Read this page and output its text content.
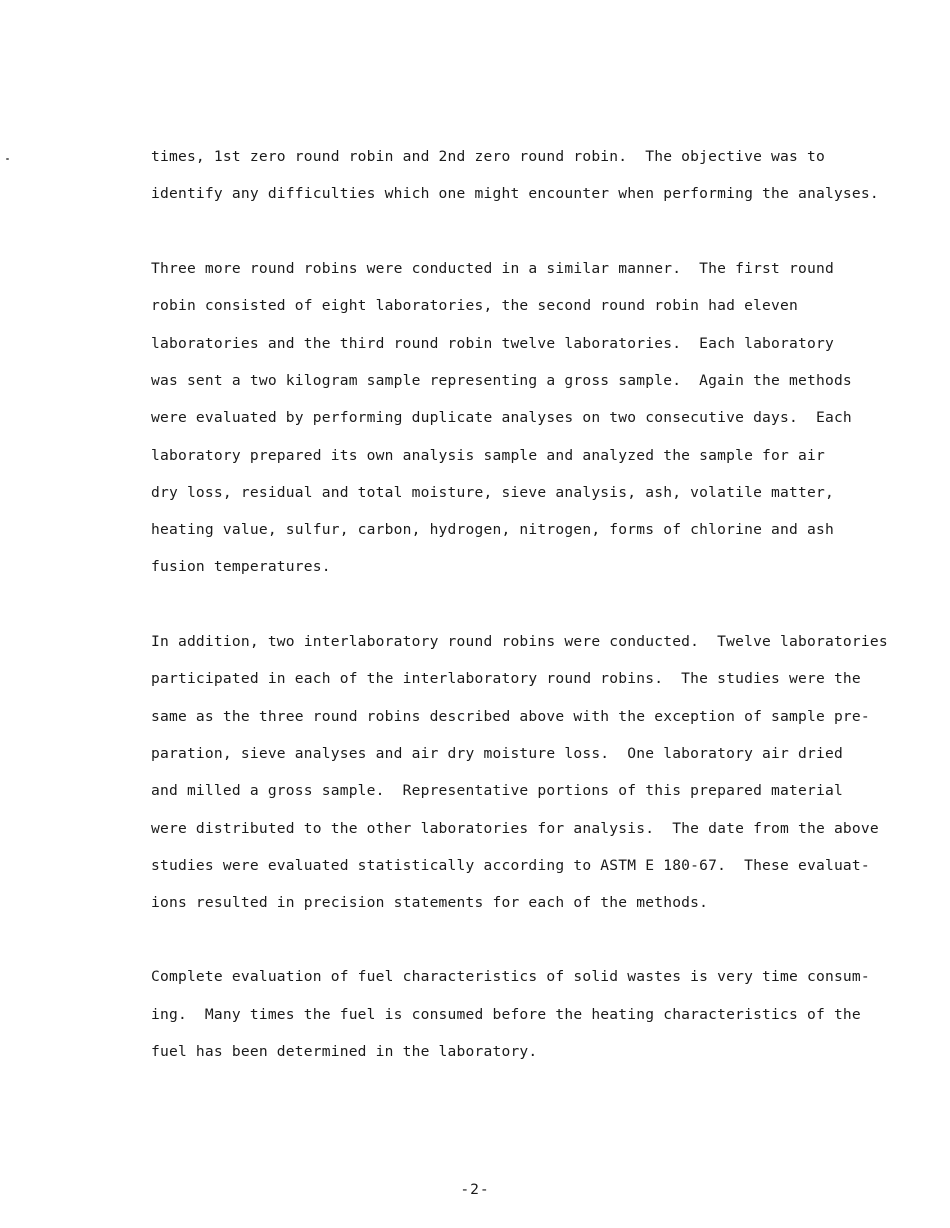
times, 1st zero round robin and 2nd zero round robin.  The objective was to
identify any difficulties which one might encounter when performing the analyses.
Three more round robins were conducted in a similar manner.  The first round
robin consisted of eight laboratories, the second round robin had eleven
laboratories and the third round robin twelve laboratories.  Each laboratory
was sent a two kilogram sample representing a gross sample.  Again the methods
were evaluated by performing duplicate analyses on two consecutive days.  Each
laboratory prepared its own analysis sample and analyzed the sample for air
dry loss, residual and total moisture, sieve analysis, ash, volatile matter,
heating value, sulfur, carbon, hydrogen, nitrogen, forms of chlorine and ash
fusion temperatures.
In addition, two interlaboratory round robins were conducted.  Twelve laboratories
participated in each of the interlaboratory round robins.  The studies were the
same as the three round robins described above with the exception of sample pre-
paration, sieve analyses and air dry moisture loss.  One laboratory air dried
and milled a gross sample.  Representative portions of this prepared material
were distributed to the other laboratories for analysis.  The date from the above
studies were evaluated statistically according to ASTM E 180-67.  These evaluat-
ions resulted in precision statements for each of the methods.
Complete evaluation of fuel characteristics of solid wastes is very time consum-
ing.  Many times the fuel is consumed before the heating characteristics of the
fuel has been determined in the laboratory.
-2-
